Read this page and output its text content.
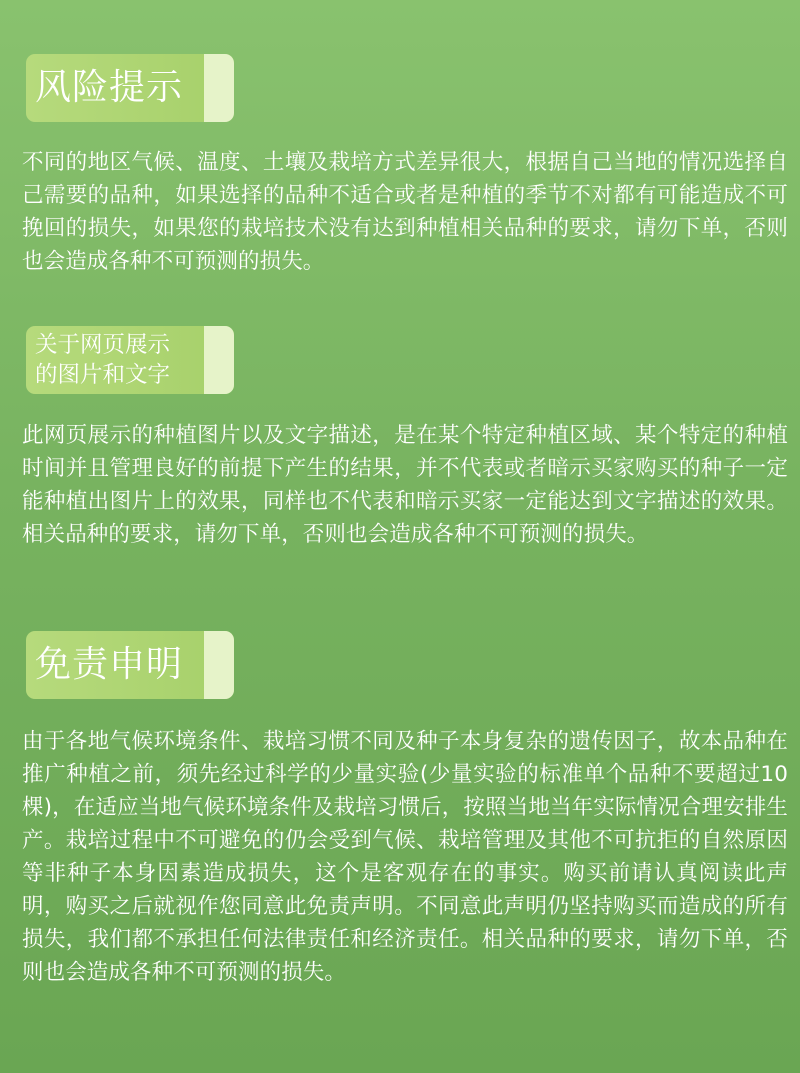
风险提示
不同的地区气候、温度、土壤及栽培方式差异很大，根据自己当地的情况选择自己需要的品种，如果选择的品种不适合或者是种植的季节不对都有可能造成不可挽回的损失，如果您的栽培技术没有达到种植相关品种的要求，请勿下单，否则也会造成各种不可预测的损失。
关于网页展示
的图片和文字
此网页展示的种植图片以及文字描述，是在某个特定种植区域、某个特定的种植时间并且管理良好的前提下产生的结果，并不代表或者暗示买家购买的种子一定能种植出图片上的效果，同样也不代表和暗示买家一定能达到文字描述的效果。相关品种的要求，请勿下单，否则也会造成各种不可预测的损失。
免责申明
由于各地气候环境条件、栽培习惯不同及种子本身复杂的遗传因子，故本品种在推广种植之前，须先经过科学的少量实验(少量实验的标准单个品种不要超过10棵)，在适应当地气候环境条件及栽培习惯后，按照当地当年实际情况合理安排生产。栽培过程中不可避免的仍会受到气候、栽培管理及其他不可抗拒的自然原因等非种子本身因素造成损失，这个是客观存在的事实。购买前请认真阅读此声明，购买之后就视作您同意此免责声明。不同意此声明仍坚持购买而造成的所有损失，我们都不承担任何法律责任和经济责任。相关品种的要求，请勿下单，否则也会造成各种不可预测的损失。
